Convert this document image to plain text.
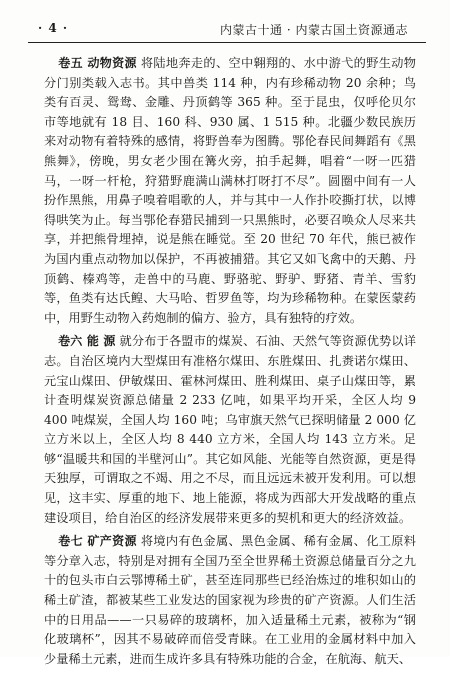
· 4 ·	内蒙古十通 · 内蒙古国土资源通志

卷五 动物资源 将陆地奔走的、空中翱翔的、水中游弋的野生动物分门别类载入志书。其中兽类 114 种，内有珍稀动物 20 余种；鸟类有百灵、鸳鸯、金雕、丹顶鹤等 365 种。至于昆虫，仅呼伦贝尔市等地就有 18 目、160 科、930 属、1 515 种。北疆少数民族历来对动物有着特殊的感情，将野兽奉为图腾。鄂伦春民间舞蹈有《黑熊舞》，傍晚，男女老少围在篝火旁，拍手起舞，唱着“一呀一匹猎马，一呀一杆枪，狩猎野鹿满山满林打呀打不尽”。圆圈中间有一人扮作黑熊，用鼻子嗅着唱歌的人，并与其中一人作扑咬撕打状，以博得哄笑为止。每当鄂伦春猎民捕到一只黑熊时，必要召唤众人尽来共享，并把熊骨埋掉，说是熊在睡觉。至 20 世纪 70 年代，熊已被作为国内重点动物加以保护，不再被捕猎。其它又如飞禽中的天鹅、丹顶鹤、榛鸡等，走兽中的马鹿、野骆驼、野驴、野猪、青羊、雪豹等，鱼类有达氏鳇、大马哈、哲罗鱼等，均为珍稀物种。在蒙医蒙药中，用野生动物入药炮制的偏方、验方，具有独特的疗效。

卷六 能 源 就分布于各盟市的煤炭、石油、天然气等资源优势以详志。自治区境内大型煤田有准格尔煤田、东胜煤田、扎赉诺尔煤田、元宝山煤田、伊敏煤田、霍林河煤田、胜利煤田、桌子山煤田等，累计查明煤炭资源总储量 2 233 亿吨，如果平均开采，全区人均 9 400 吨煤炭，全国人均 160 吨；乌审旗天然气已探明储量 2 000 亿立方米以上，全区人均 8 440 立方米，全国人均 143 立方米。足够“温暖共和国的半壁河山”。其它如风能、光能等自然资源，更是得天独厚，可谓取之不竭、用之不尽，而且远远未被开发利用。可以想见，这丰实、厚重的地下、地上能源，将成为西部大开发战略的重点建设项目，给自治区的经济发展带来更多的契机和更大的经济效益。

卷七 矿产资源 将境内有色金属、黑色金属、稀有金属、化工原料等分章入志，特别是对拥有全国乃至全世界稀土资源总储量百分之九十的包头市白云鄂博稀土矿，甚至连同那些已经治炼过的堆积如山的稀土矿渣，都被某些工业发达的国家视为珍贵的矿产资源。人们生活中的日用品——一只易碎的玻璃杯，加入适量稀土元素，被称为“钢化玻璃杯”，因其不易破碎而倍受青睐。在工业用的金属材料中加入少量稀土元素，进而生成许多具有特殊功能的合金，在航海、航天、
